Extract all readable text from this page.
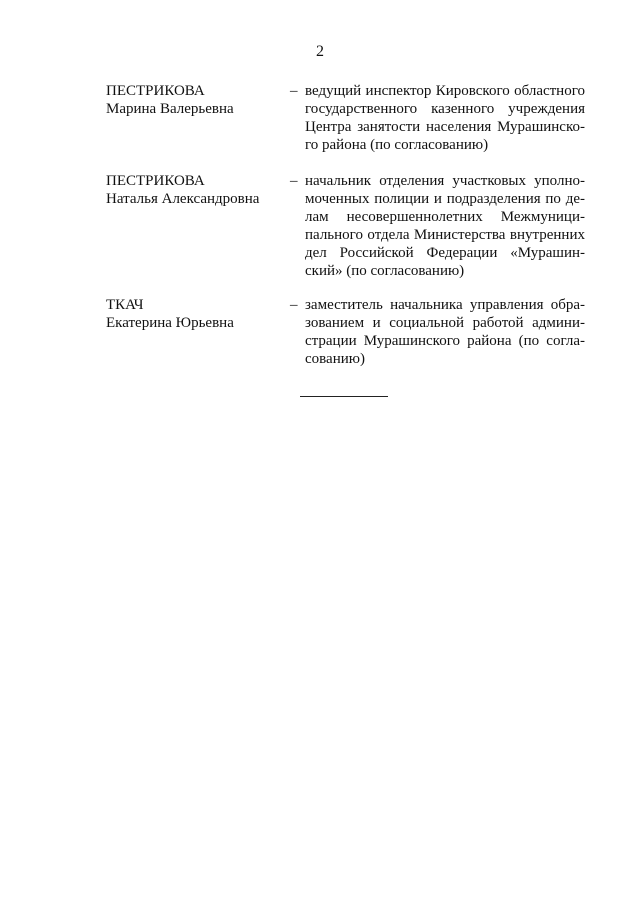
2
ПЕСТРИКОВА
Марина Валерьевна
– ведущий инспектор Кировского областного
государственного казенного учреждения
Центра занятости населения Мурашинско-
го района (по согласованию)
ПЕСТРИКОВА
Наталья Александровна
– начальник отделения участковых уполно-
моченных полиции и подразделения по де-
лам несовершеннолетних Межмуници-
пального отдела Министерства внутренних
дел Российской Федерации «Мурашин-
ский» (по согласованию)
ТКАЧ
Екатерина Юрьевна
– заместитель начальника управления обра-
зованием и социальной работой админи-
страции Мурашинского района (по согла-
сованию)
